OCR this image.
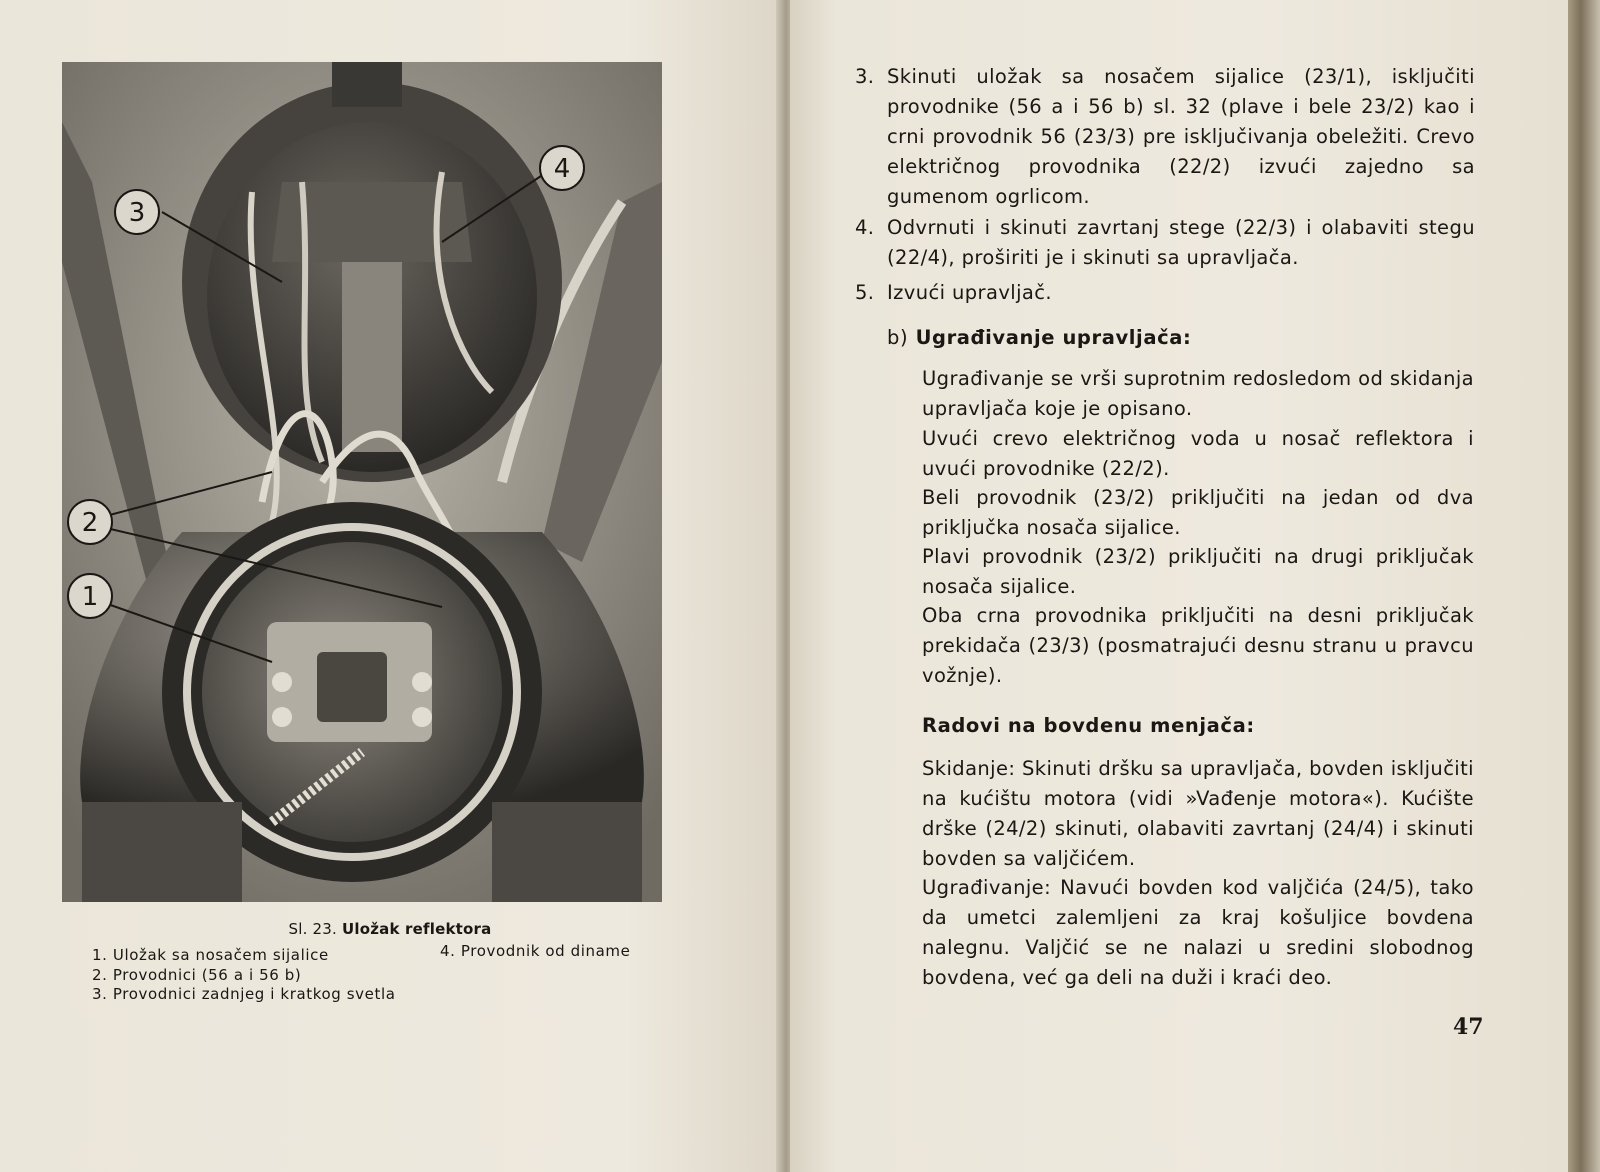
3
4
2
1
Sl. 23. Uložak reflektora
1. Uložak sa nosačem sijalice
2. Provodnici (56 a i 56 b)
3. Provodnici zadnjeg i kratkog svetla
4. Provodnik od diname
3. Skinuti uložak sa nosačem sijalice (23/1), isključiti provodnike (56 a i 56 b) sl. 32 (plave i bele 23/2) kao i crni provodnik 56 (23/3) pre isključivanja obeležiti. Crevo električnog provodnika (22/2) izvući zajedno sa gumenom ogrlicom.
4. Odvrnuti i skinuti zavrtanj stege (22/3) i olabaviti stegu (22/4), proširiti je i skinuti sa upravljača.
5. Izvući upravljač.
b) Ugrađivanje upravljača:
Ugrađivanje se vrši suprotnim redosledom od skidanja upravljača koje je opisano.
Uvući crevo električnog voda u nosač reflektora i uvući provodnike (22/2).
Beli provodnik (23/2) priključiti na jedan od dva priključka nosača sijalice.
Plavi provodnik (23/2) priključiti na drugi priključak nosača sijalice.
Oba crna provodnika priključiti na desni priključak prekidača (23/3) (posmatrajući desnu stranu u pravcu vožnje).
Radovi na bovdenu menjača:
Skidanje: Skinuti dršku sa upravljača, bovden isključiti na kućištu motora (vidi »Vađenje motora«). Kućište drške (24/2) skinuti, olabaviti zavrtanj (24/4) i skinuti bovden sa valjčićem.
Ugrađivanje: Navući bovden kod valjčića (24/5), tako da umetci zalemljeni za kraj košuljice bovdena nalegnu. Valjčić se ne nalazi u sredini slobodnog bovdena, već ga deli na duži i kraći deo.
47
